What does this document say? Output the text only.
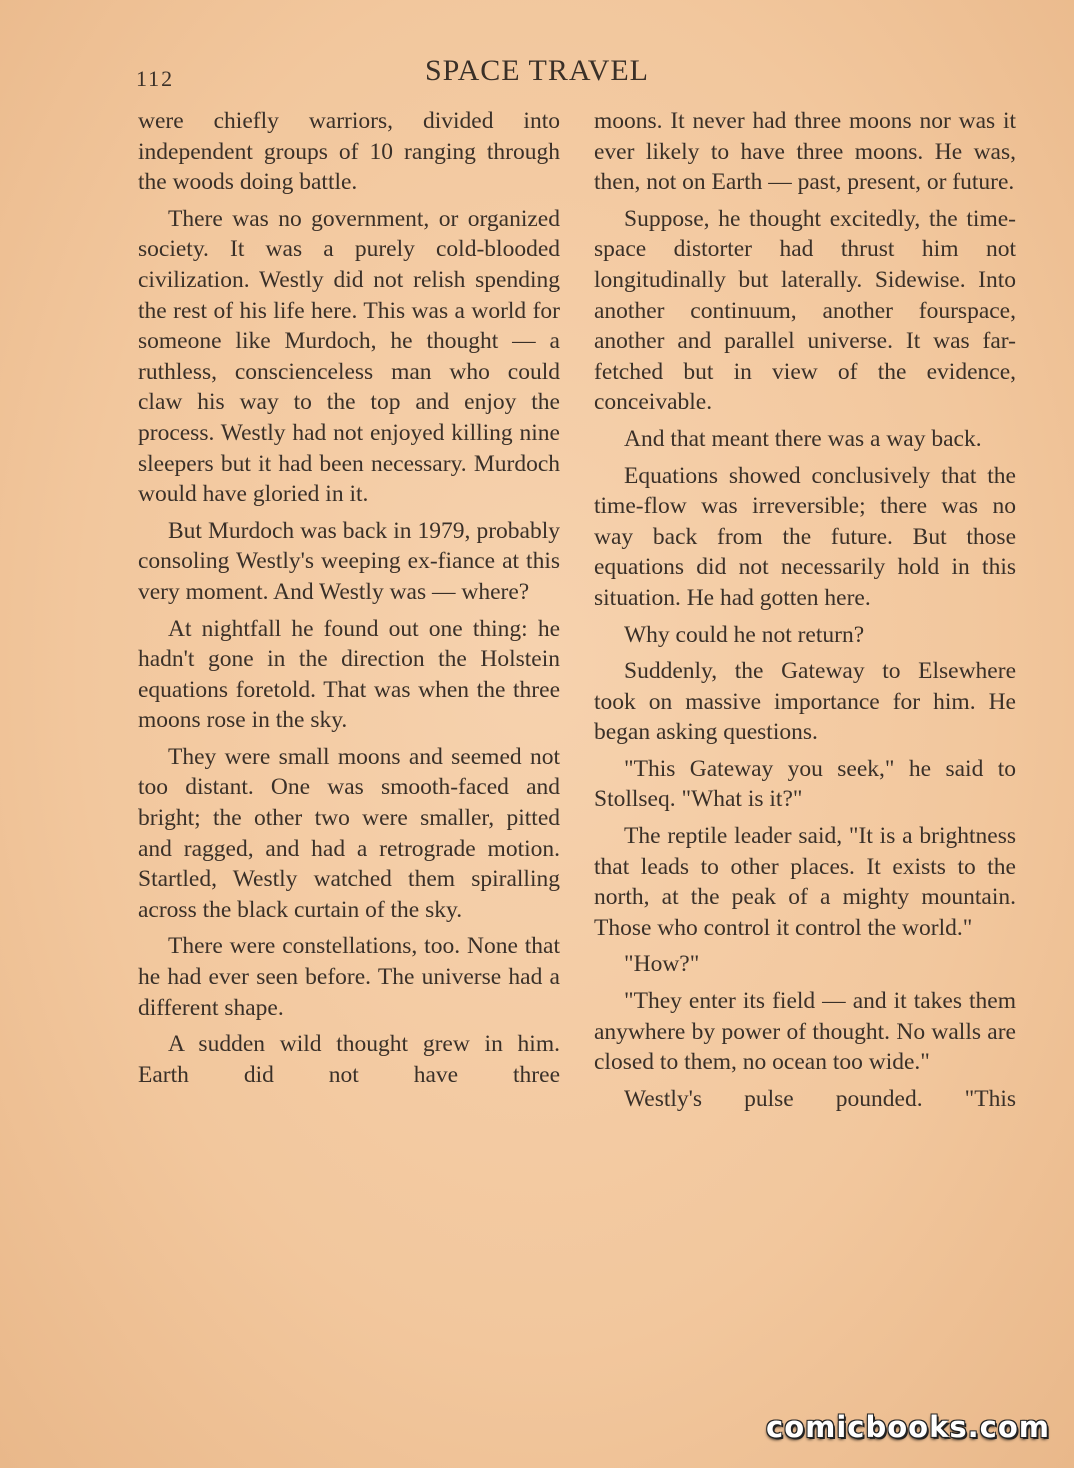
112	SPACE TRAVEL

were chiefly warriors, divided into independent groups of 10 ranging through the woods doing battle.

There was no government, or organized society. It was a purely cold-blooded civilization. Westly did not relish spending the rest of his life here. This was a world for someone like Murdoch, he thought — a ruthless, conscienceless man who could claw his way to the top and enjoy the process. Westly had not enjoyed killing nine sleepers but it had been necessary. Murdoch would have gloried in it.

But Murdoch was back in 1979, probably consoling Westly's weeping ex-fiance at this very moment. And Westly was — where?

At nightfall he found out one thing: he hadn't gone in the direction the Holstein equations foretold. That was when the three moons rose in the sky.

They were small moons and seemed not too distant. One was smooth-faced and bright; the other two were smaller, pitted and ragged, and had a retrograde motion. Startled, Westly watched them spiralling across the black curtain of the sky.

There were constellations, too. None that he had ever seen before. The universe had a different shape.

A sudden wild thought grew in him. Earth did not have three

moons. It never had three moons nor was it ever likely to have three moons. He was, then, not on Earth — past, present, or future.

Suppose, he thought excitedly, the time-space distorter had thrust him not longitudinally but laterally. Sidewise. Into another continuum, another fourspace, another and parallel universe. It was far-fetched but in view of the evidence, conceivable.

And that meant there was a way back.

Equations showed conclusively that the time-flow was irreversible; there was no way back from the future. But those equations did not necessarily hold in this situation. He had gotten here.

Why could he not return?

Suddenly, the Gateway to Elsewhere took on massive importance for him. He began asking questions.

"This Gateway you seek," he said to Stollseq. "What is it?"

The reptile leader said, "It is a brightness that leads to other places. It exists to the north, at the peak of a mighty mountain. Those who control it control the world."

"How?"

"They enter its field — and it takes them anywhere by power of thought. No walls are closed to them, no ocean too wide."

Westly's pulse pounded. "This

comicbooks.com
